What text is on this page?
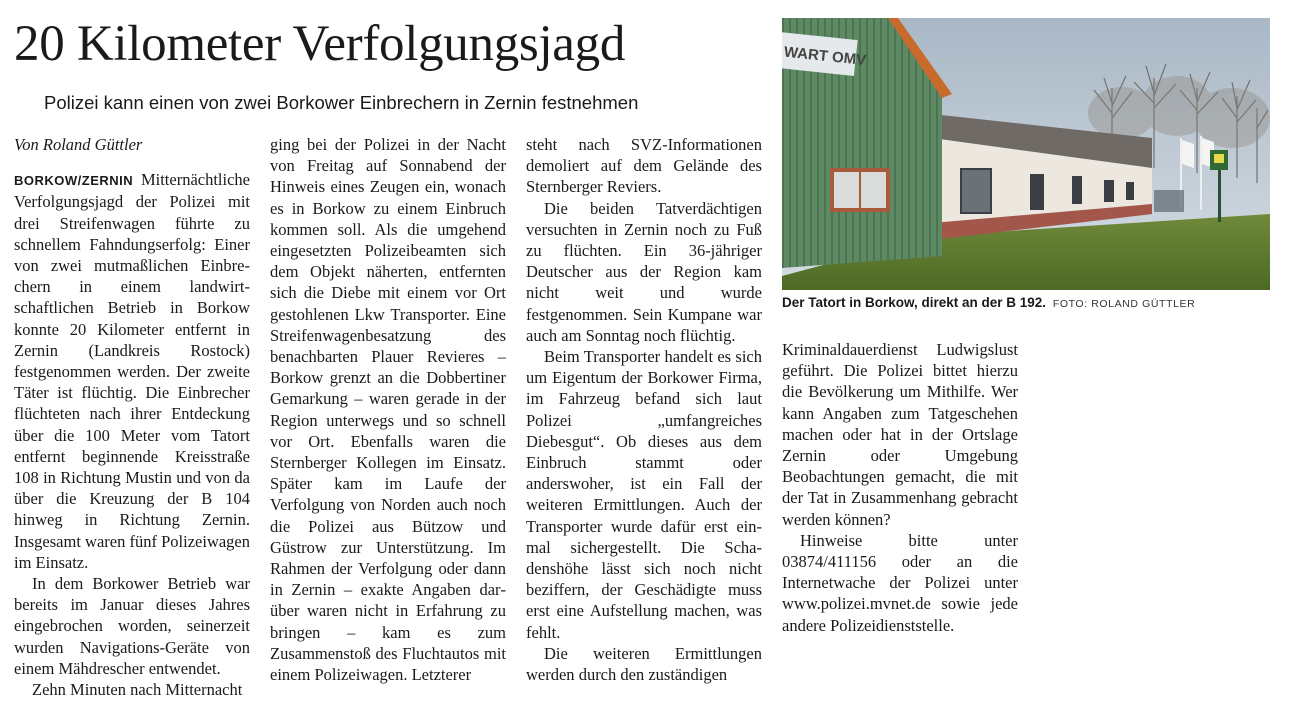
20 Kilometer Verfolgungsjagd
Polizei kann einen von zwei Borkower Einbrechern in Zernin festnehmen

Von Roland Güttler

BORKOW/ZERNIN Mitternächtliche Verfolgungsjagd der Polizei mit drei Streifenwagen führte zu schnellem Fahndungserfolg: Einer von zwei mutmaßlichen Einbrechern in einem landwirtschaftlichen Betrieb in Borkow konnte 20 Kilometer entfernt in Zernin (Landkreis Rostock) festgenommen werden. Der zweite Täter ist flüchtig. Die Einbrecher flüchteten nach ihrer Entdeckung über die 100 Meter vom Tatort entfernt beginnende Kreisstraße 108 in Richtung Mustin und von da über die Kreuzung der B 104 hinweg in Richtung Zernin. Insgesamt waren fünf Polizeiwagen im Einsatz.

In dem Borkower Betrieb war bereits im Januar dieses Jahres eingebrochen worden, seinerzeit wurden Navigations-Geräte von einem Mähdrescher entwendet.

Zehn Minuten nach Mitternacht

ging bei der Polizei in der Nacht von Freitag auf Sonnabend der Hinweis eines Zeugen ein, wonach es in Borkow zu einem Einbruch kommen soll. Als die umgehend eingesetzten Polizeibeamten sich dem Objekt näherten, entfernten sich die Diebe mit einem vor Ort gestohlenen Lkw Transporter. Eine Streifenwagenbesatzung des benachbarten Plauer Revieres – Borkow grenzt an die Dobbertiner Gemarkung – waren gerade in der Region unterwegs und so schnell vor Ort. Ebenfalls waren die Sternberger Kollegen im Einsatz. Später kam im Laufe der Verfolgung von Norden auch noch die Polizei aus Bützow und Güstrow zur Unterstützung. Im Rahmen der Verfolgung oder dann in Zernin – exakte Angaben darüber waren nicht in Erfahrung zu bringen – kam es zum Zusammenstoß des Fluchtautos mit einem Polizeiwagen. Letzterer

steht nach SVZ-Informationen demoliert auf dem Gelände des Sternberger Reviers.

Die beiden Tatverdächtigen versuchten in Zernin noch zu Fuß zu flüchten. Ein 36-jähriger Deutscher aus der Region kam nicht weit und wurde festgenommen. Sein Kumpane war auch am Sonntag noch flüchtig.

Beim Transporter handelt es sich um Eigentum der Borkower Firma, im Fahrzeug befand sich laut Polizei „umfangreiches Diebesgut“. Ob dieses aus dem Einbruch stammt oder anderswoher, ist ein Fall der weiteren Ermittlungen. Auch der Transporter wurde dafür erst einmal sichergestellt. Die Schadenshöhe lässt sich noch nicht beziffern, der Geschädigte muss erst eine Aufstellung machen, was fehlt.

Die weiteren Ermittlungen werden durch den zuständigen

Kriminaldauerdienst Ludwigslust geführt. Die Polizei bittet hierzu die Bevölkerung um Mithilfe. Wer kann Angaben zum Tatgeschehen machen oder hat in der Ortslage Zernin oder Umgebung Beobachtungen gemacht, die mit der Tat in Zusammenhang gebracht werden können?

Hinweise bitte unter 03874/411156 oder an die Internetwache der Polizei unter www.polizei.mvnet.de sowie jede andere Polizeidienststelle.

WART OMV
Der Tatort in Borkow, direkt an der B 192. FOTO: ROLAND GÜTTLER
